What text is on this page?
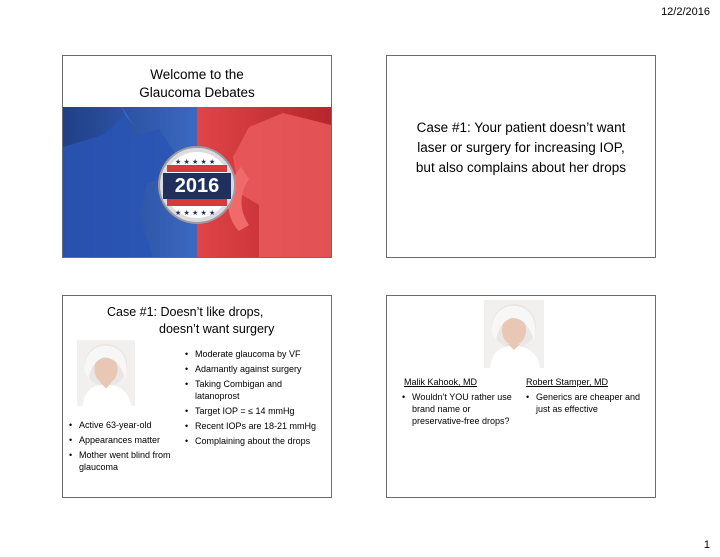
12/2/2016
Welcome to the
Glaucoma Debates
★ ★ ★ ★ ★
★ ★ ★ ★ ★
2016
Case #1: Your patient doesn’t want
laser or surgery for increasing IOP,
but also complains about her drops
Case #1: Doesn’t like drops,
doesn’t want surgery
• Moderate glaucoma by VF
• Adamantly against surgery
• Taking Combigan and latanoprost
• Target IOP = ≤ 14 mmHg
• Recent IOPs are 18-21 mmHg
• Complaining about the drops
• Active 63-year-old
• Appearances matter
• Mother went blind from glaucoma
Malik Kahook, MD	Robert Stamper, MD
• Wouldn’t YOU rather use brand name or preservative-free drops?
• Generics are cheaper and just as effective
1
